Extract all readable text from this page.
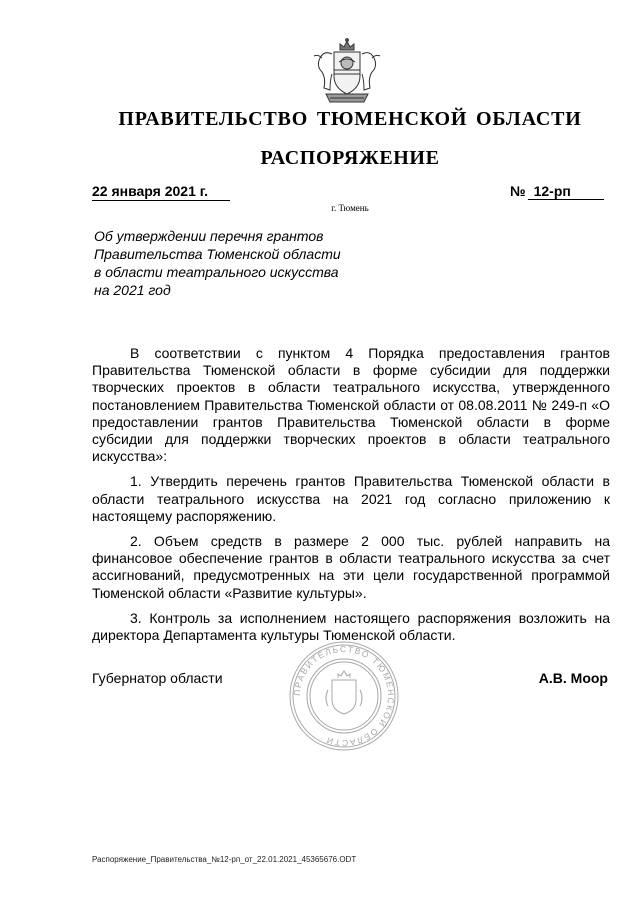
ПРАВИТЕЛЬСТВО ТЮМЕНСКОЙ ОБЛАСТИ
РАСПОРЯЖЕНИЕ
22 января 2021 г.	№ 12-рп
г. Тюмень
Об утверждении перечня грантов
Правительства Тюменской области
в области театрального искусства
на 2021 год

В соответствии с пунктом 4 Порядка предоставления грантов Правительства Тюменской области в форме субсидии для поддержки творческих проектов в области театрального искусства, утвержденного постановлением Правительства Тюменской области от 08.08.2011 № 249-п «О предоставлении грантов Правительства Тюменской области в форме субсидии для поддержки творческих проектов в области театрального искусства»:

1. Утвердить перечень грантов Правительства Тюменской области в области театрального искусства на 2021 год согласно приложению к настоящему распоряжению.

2. Объем средств в размере 2 000 тыс. рублей направить на финансовое обеспечение грантов в области театрального искусства за счет ассигнований, предусмотренных на эти цели государственной программой Тюменской области «Развитие культуры».

3. Контроль за исполнением настоящего распоряжения возложить на директора Департамента культуры Тюменской области.

ПРАВИТЕЛЬСТВО ТЮМЕНСКОЙ ОБЛАСТИ
Губернатор области	А.В. Моор
Распоряжение_Правительства_№12-рп_от_22.01.2021_45365676.ODT
